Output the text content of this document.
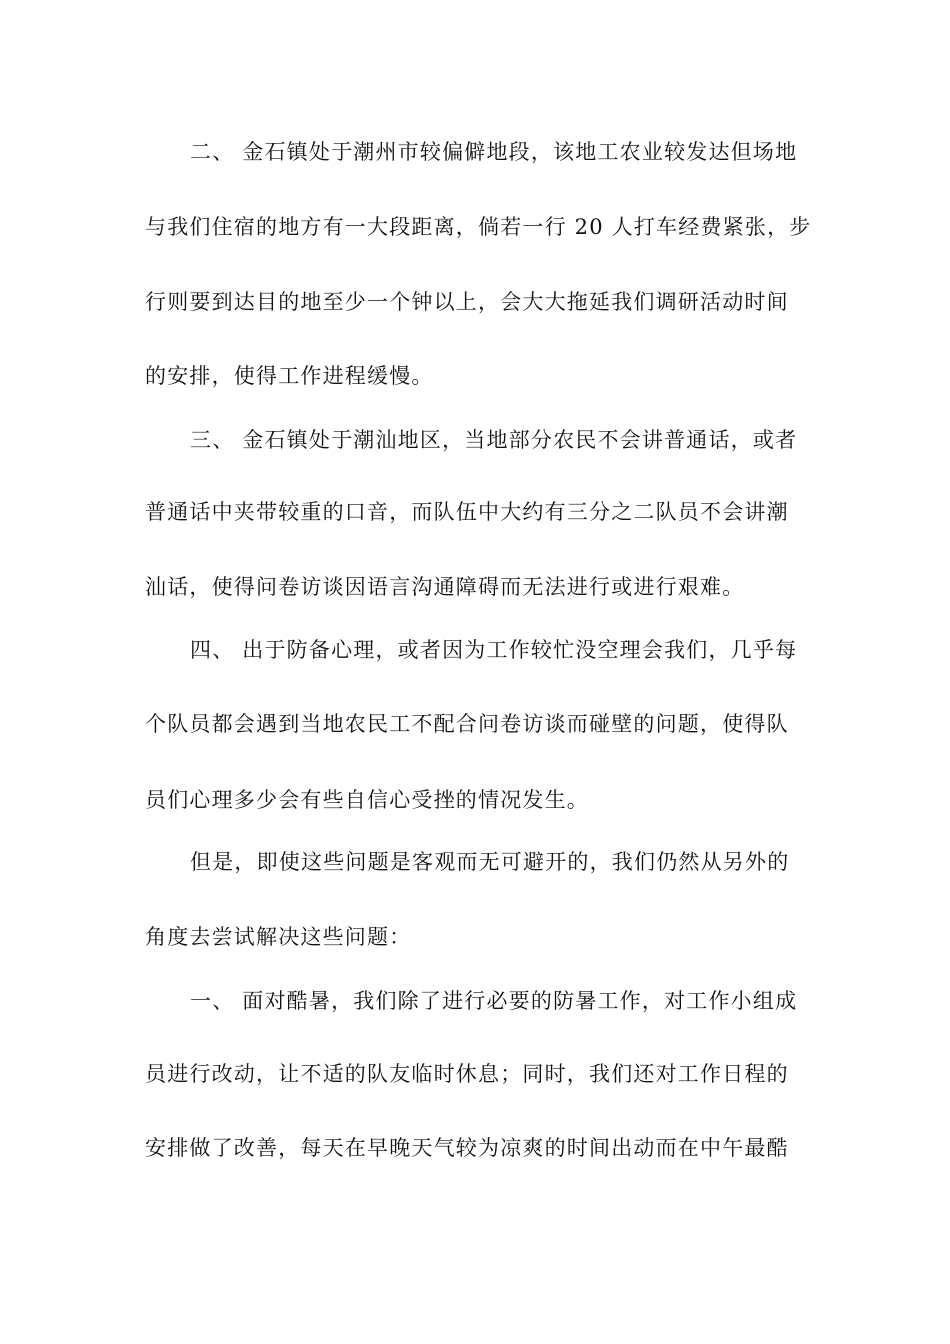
二、 金石镇处于潮州市较偏僻地段，该地工农业较发达但场地
与我们住宿的地方有一大段距离，倘若一行 20 人打车经费紧张，步
行则要到达目的地至少一个钟以上，会大大拖延我们调研活动时间
的安排，使得工作进程缓慢。
三、 金石镇处于潮汕地区，当地部分农民不会讲普通话，或者
普通话中夹带较重的口音，而队伍中大约有三分之二队员不会讲潮
汕话，使得问卷访谈因语言沟通障碍而无法进行或进行艰难。
四、 出于防备心理，或者因为工作较忙没空理会我们，几乎每
个队员都会遇到当地农民工不配合问卷访谈而碰壁的问题，使得队
员们心理多少会有些自信心受挫的情况发生。
但是，即使这些问题是客观而无可避开的，我们仍然从另外的
角度去尝试解决这些问题：
一、 面对酷暑，我们除了进行必要的防暑工作，对工作小组成
员进行改动，让不适的队友临时休息；同时，我们还对工作日程的
安排做了改善，每天在早晚天气较为凉爽的时间出动而在中午最酷
